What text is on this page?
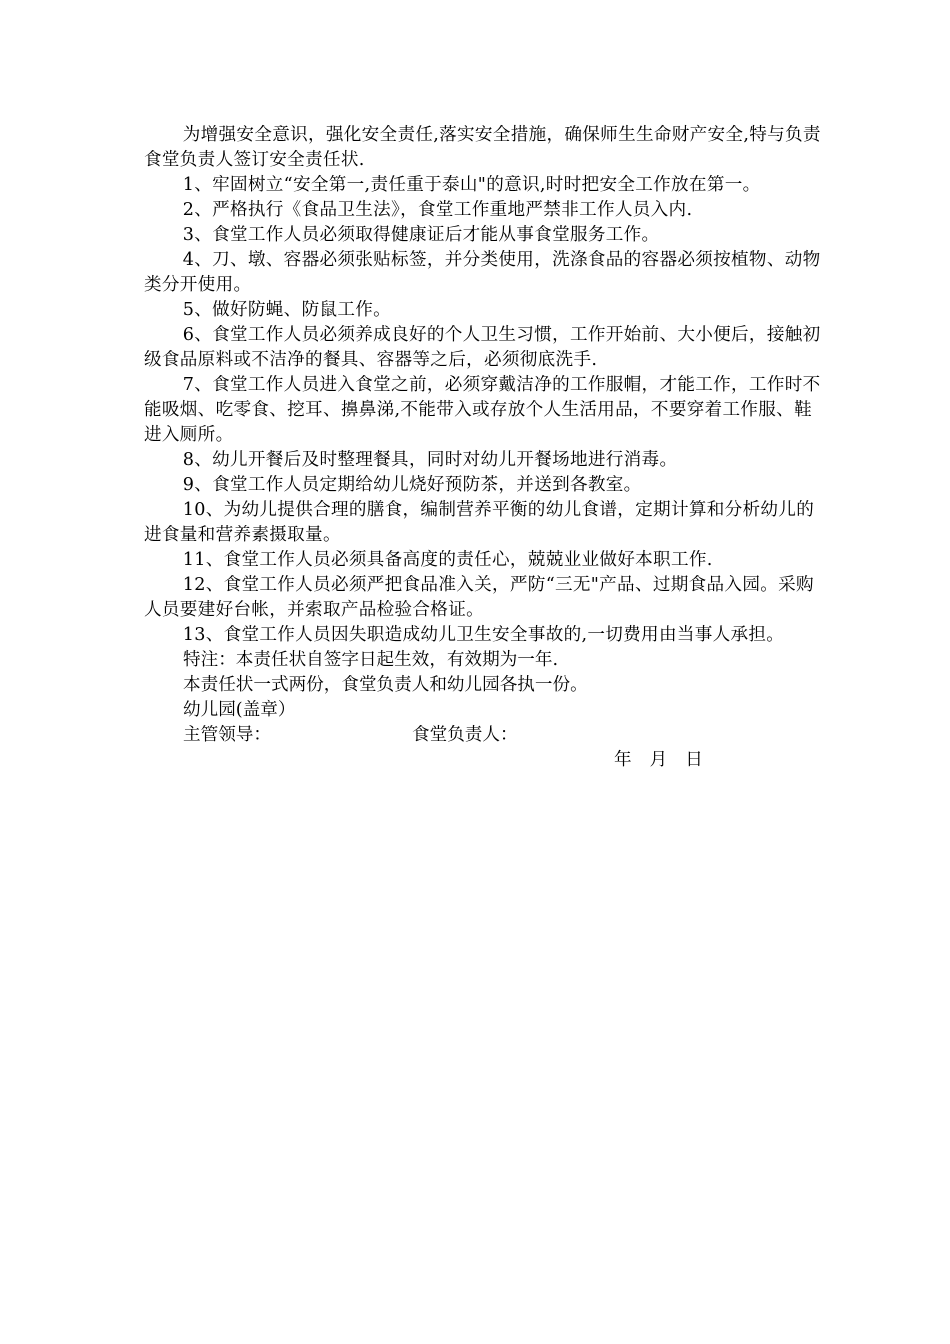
为增强安全意识，强化安全责任,落实安全措施，确保师生生命财产安全,特与负责食堂负责人签订安全责任状.

1、牢固树立“安全第一,责任重于泰山"的意识,时时把安全工作放在第一。

2、严格执行《食品卫生法》，食堂工作重地严禁非工作人员入内.

3、食堂工作人员必须取得健康证后才能从事食堂服务工作。

4、刀、墩、容器必须张贴标签，并分类使用，洗涤食品的容器必须按植物、动物类分开使用。

5、做好防蝇、防鼠工作。

6、食堂工作人员必须养成良好的个人卫生习惯，工作开始前、大小便后，接触初级食品原料或不洁净的餐具、容器等之后，必须彻底洗手.

7、食堂工作人员进入食堂之前，必须穿戴洁净的工作服帽，才能工作，工作时不能吸烟、吃零食、挖耳、擤鼻涕,不能带入或存放个人生活用品，不要穿着工作服、鞋进入厕所。

8、幼儿开餐后及时整理餐具，同时对幼儿开餐场地进行消毒。

9、食堂工作人员定期给幼儿烧好预防茶，并送到各教室。

10、为幼儿提供合理的膳食，编制营养平衡的幼儿食谱，定期计算和分析幼儿的进食量和营养素摄取量。

11、食堂工作人员必须具备高度的责任心，兢兢业业做好本职工作.

12、食堂工作人员必须严把食品准入关，严防“三无"产品、过期食品入园。采购人员要建好台帐，并索取产品检验合格证。

13、食堂工作人员因失职造成幼儿卫生安全事故的,一切费用由当事人承担。

特注：本责任状自签字日起生效，有效期为一年.

本责任状一式两份，食堂负责人和幼儿园各执一份。

幼儿园(盖章）

主管领导：	食堂负责人：

年 月 日
